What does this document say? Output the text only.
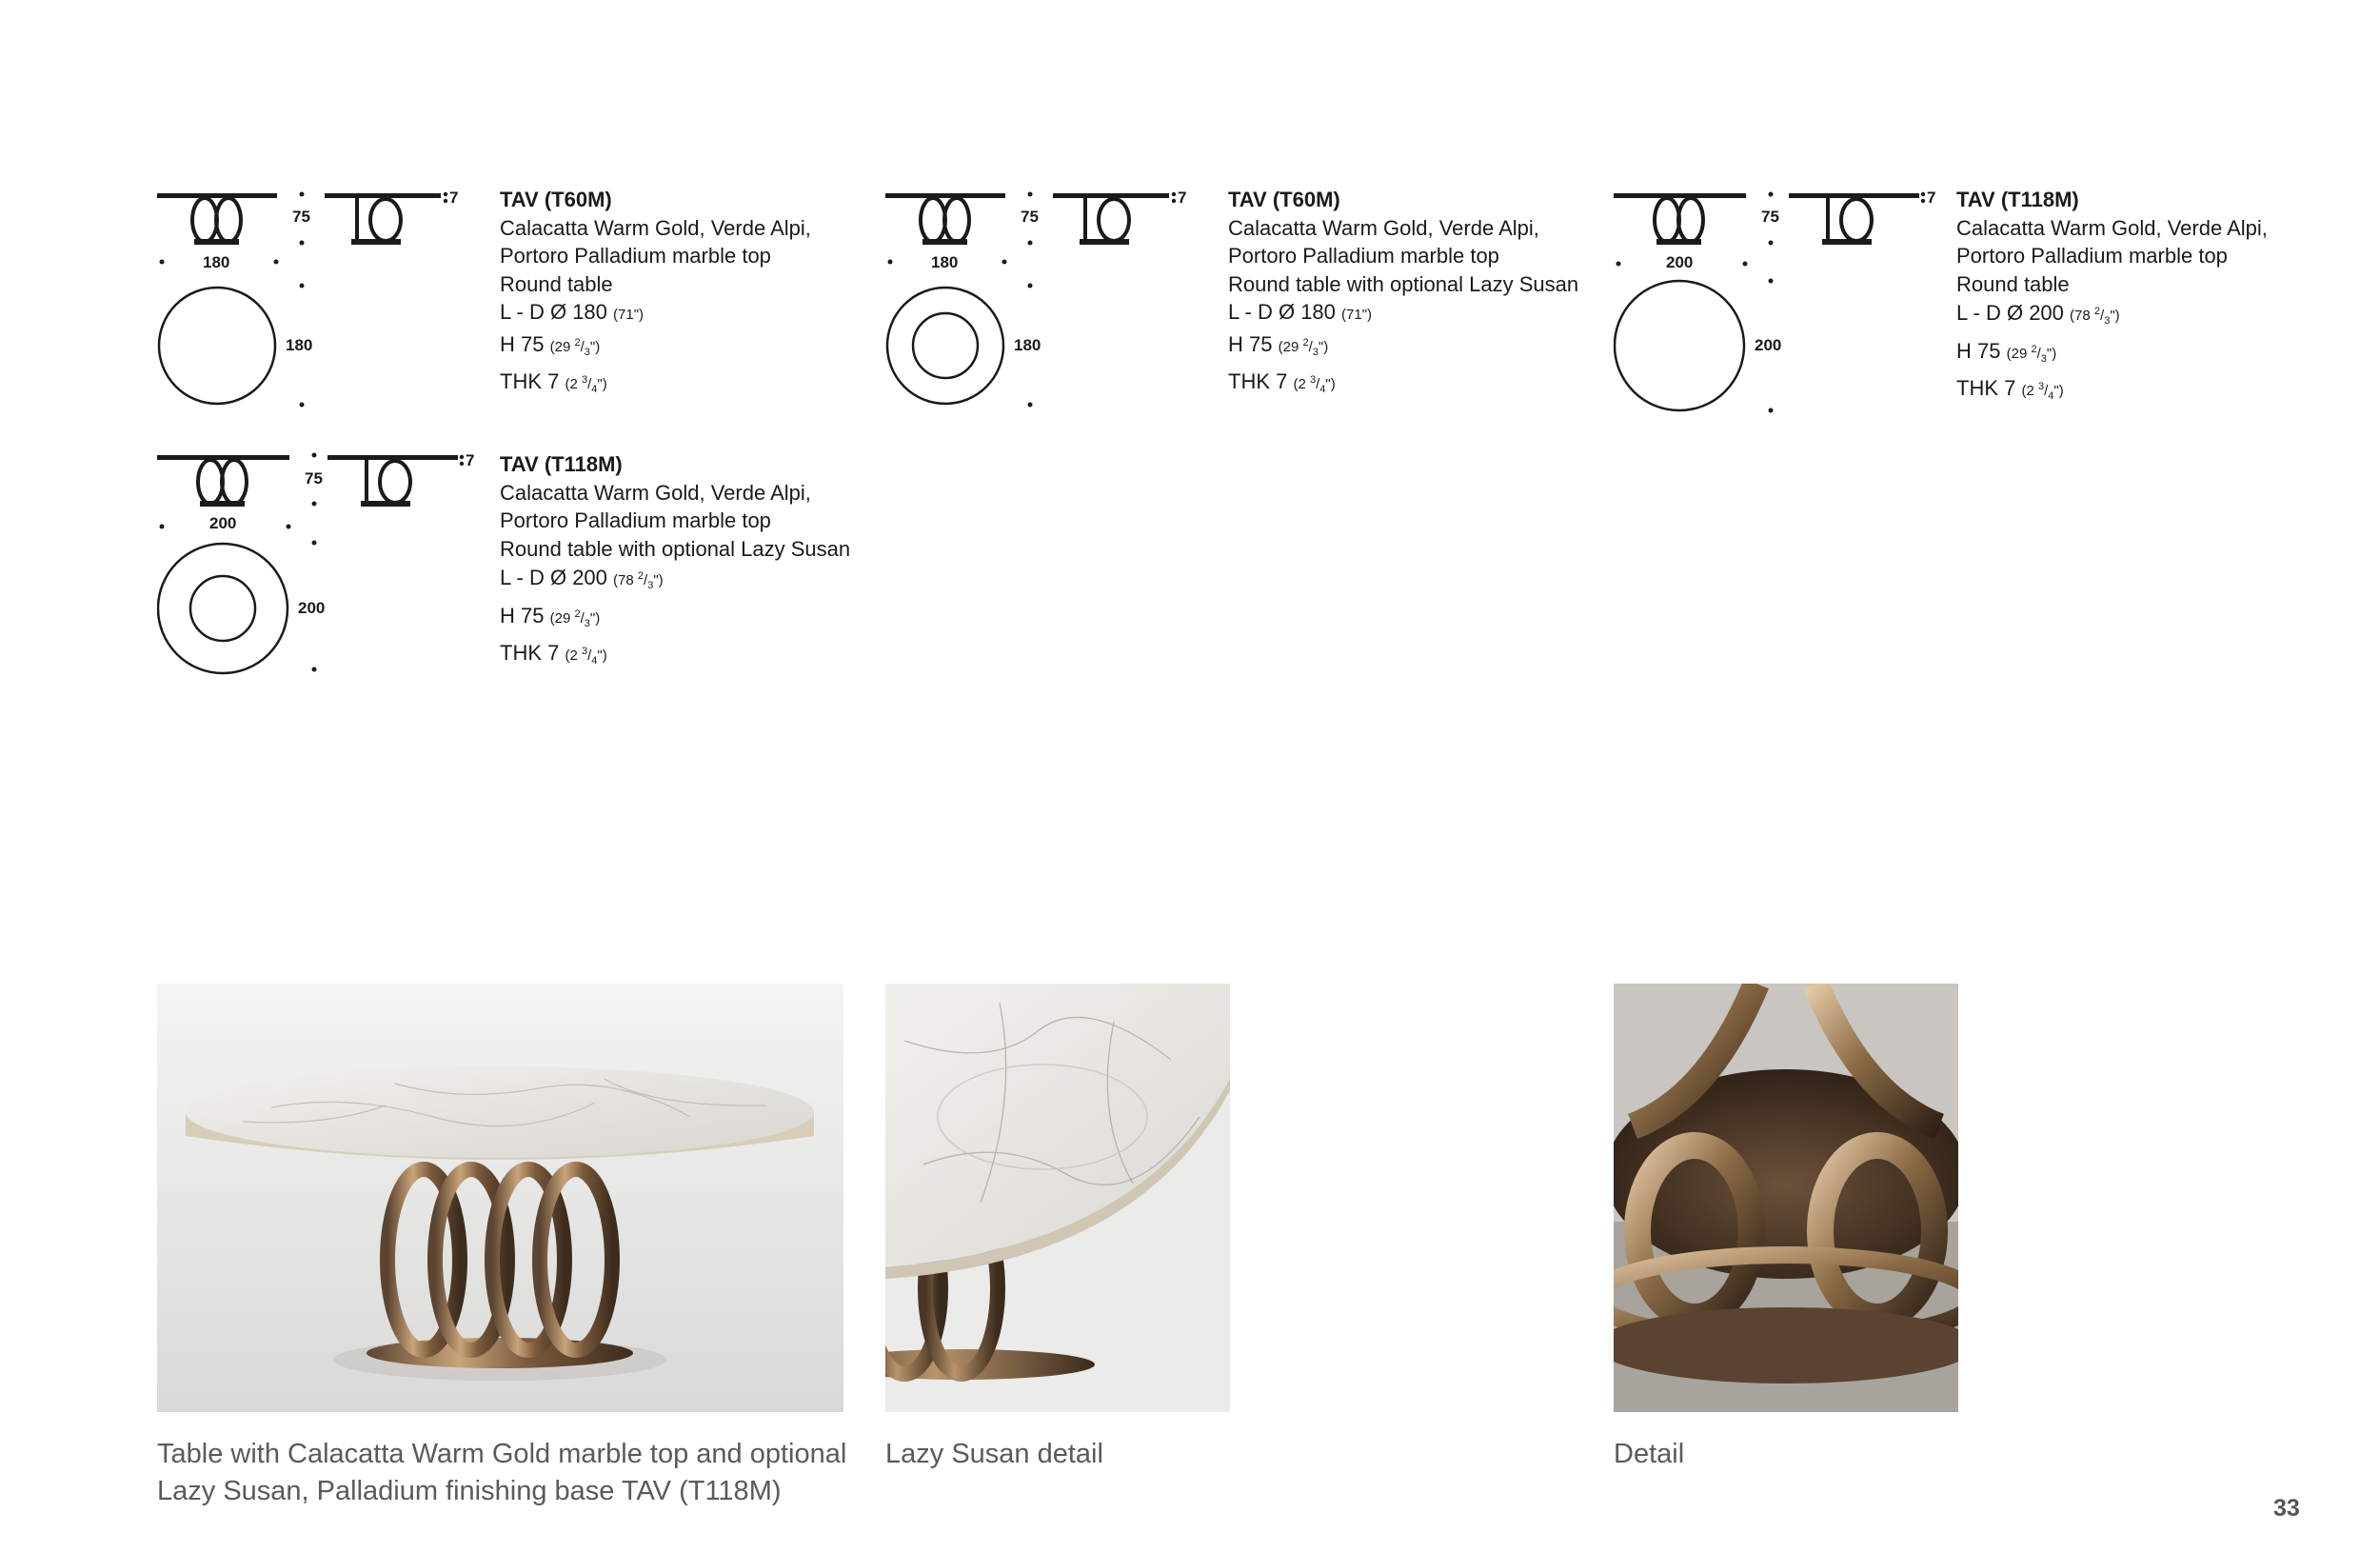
75
180
7
180
TAV (T60M)
Calacatta Warm Gold, Verde Alpi,
Portoro Palladium marble top
Round table
L - D Ø 180 (71")
H 75 (29 $^2/_3$")
THK 7 (2 $^3/_4$")
75
180
7
180
TAV (T60M)
Calacatta Warm Gold, Verde Alpi,
Portoro Palladium marble top
Round table with optional Lazy Susan
L - D Ø 180 (71")
H 75 (29 $^2/_3$")
THK 7 (2 $^3/_4$")
75
200
7
200
TAV (T118M)
Calacatta Warm Gold, Verde Alpi,
Portoro Palladium marble top
Round table
L - D Ø 200 (78 $^2/_3$")
H 75 (29 $^2/_3$")
THK 7 (2 $^3/_4$")
75
200
7
200
TAV (T118M)
Calacatta Warm Gold, Verde Alpi,
Portoro Palladium marble top
Round table with optional Lazy Susan
L - D Ø 200 (78 $^2/_3$")
H 75 (29 $^2/_3$")
THK 7 (2 $^3/_4$")
Table with Calacatta Warm Gold marble top and optional
Lazy Susan, Palladium finishing base TAV (T118M)
Lazy Susan detail	Detail
33
